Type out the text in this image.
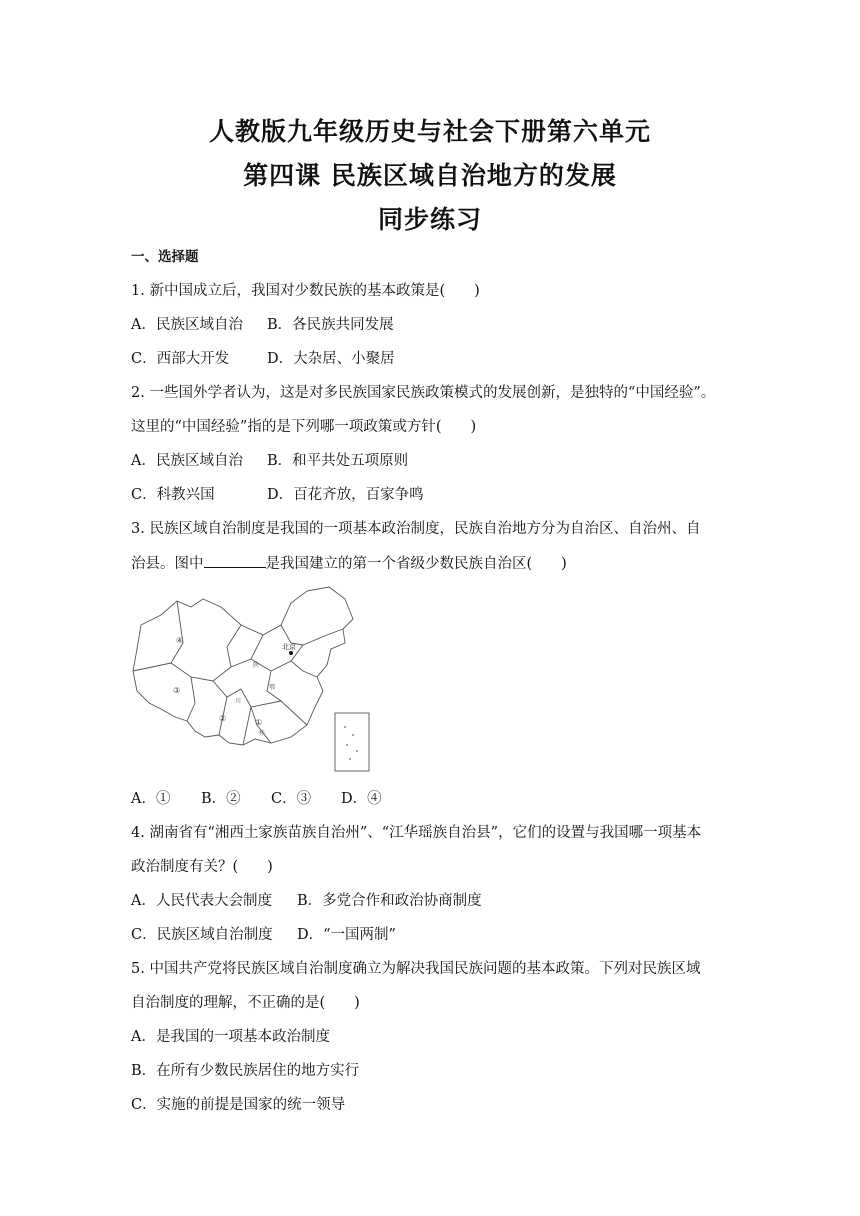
人教版九年级历史与社会下册第六单元
第四课 民族区域自治地方的发展
同步练习
一、选择题
1. 新中国成立后，我国对少数民族的基本政策是(　　)
A．民族区域自治 B．各民族共同发展
C．西部大开发	D．大杂居、小聚居
2. 一些国外学者认为，这是对多民族国家民族政策模式的发展创新，是独特的“中国经验”。
这里的“中国经验”指的是下列哪一项政策或方针(　　)
A．民族区域自治 B．和平共处五项原则
C．科教兴国	D．百花齐放，百家争鸣
3. 民族区域自治制度是我国的一项基本政治制度，民族自治地方分为自治区、自治州、自
治县。图中	是我国建立的第一个省级少数民族自治区(　　)
北京
④
③
②	①
陕
鄂
川
桂
A．① B．② C．③ D．④
4. 湖南省有“湘西土家族苗族自治州”、“江华瑶族自治县”，它们的设置与我国哪一项基本
政治制度有关？(　　)
A．人民代表大会制度 B．多党合作和政治协商制度
C．民族区域自治制度 D．“一国两制”
5. 中国共产党将民族区域自治制度确立为解决我国民族问题的基本政策。下列对民族区域
自治制度的理解，不正确的是(　　)
A．是我国的一项基本政治制度
B．在所有少数民族居住的地方实行
C．实施的前提是国家的统一领导
